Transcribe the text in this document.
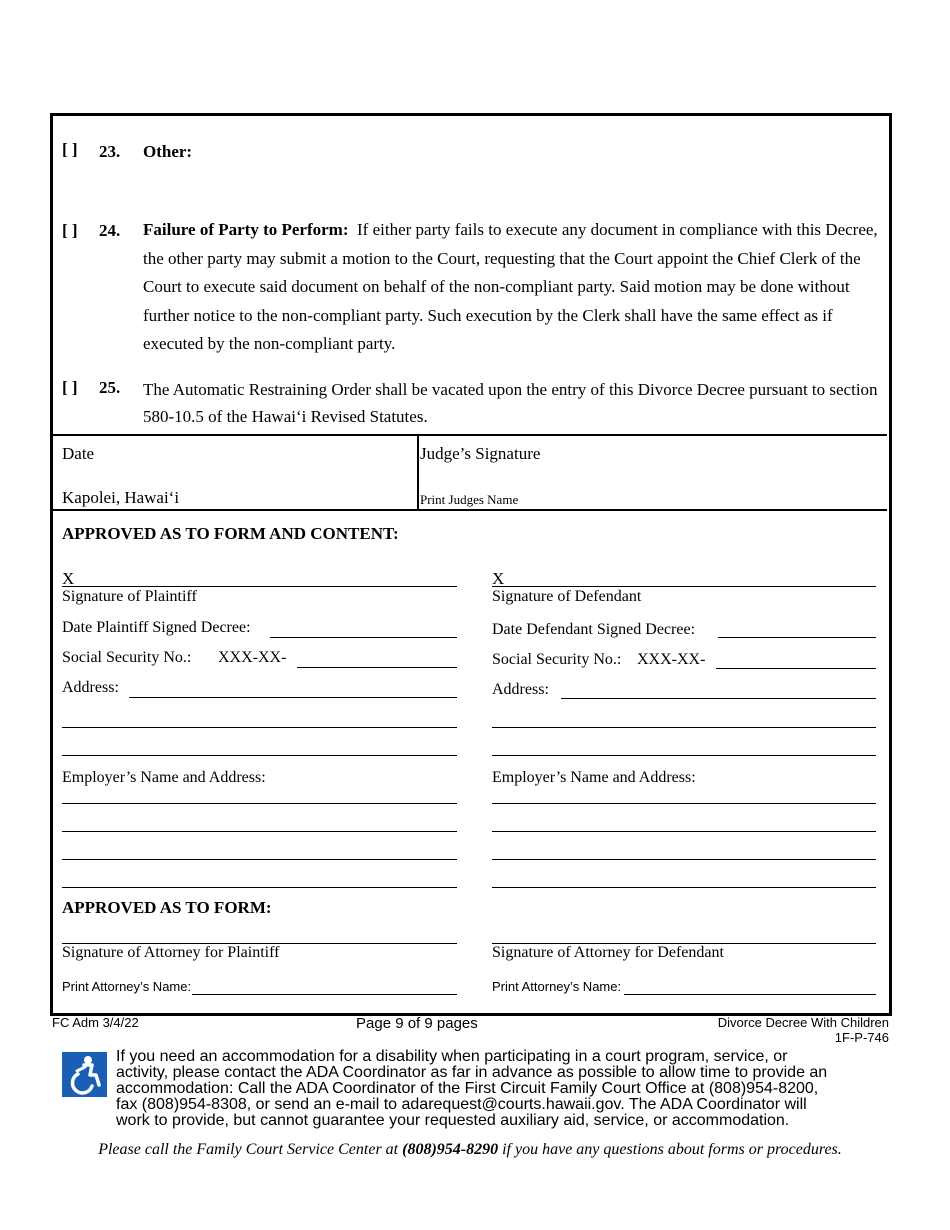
[ ] 23. Other:
[ ] 24. Failure of Party to Perform: If either party fails to execute any document in compliance with this Decree, the other party may submit a motion to the Court, requesting that the Court appoint the Chief Clerk of the Court to execute said document on behalf of the non-compliant party. Said motion may be done without further notice to the non-compliant party. Such execution by the Clerk shall have the same effect as if executed by the non-compliant party.
[ ] 25. The Automatic Restraining Order shall be vacated upon the entry of this Divorce Decree pursuant to section 580-10.5 of the Hawai‘i Revised Statutes.
Date
Kapolei, Hawai‘i
Judge’s Signature
Print Judges Name
APPROVED AS TO FORM AND CONTENT:
X
Signature of Plaintiff
Date Plaintiff Signed Decree:
Social Security No.: XXX-XX-
Address:
Employer’s Name and Address:
X
Signature of Defendant
Date Defendant Signed Decree:
Social Security No.: XXX-XX-
Address:
Employer’s Name and Address:
APPROVED AS TO FORM:
Signature of Attorney for Plaintiff
Print Attorney’s Name:
Signature of Attorney for Defendant
Print Attorney’s Name:
FC Adm 3/4/22	Page 9 of 9 pages	Divorce Decree With Children
1F-P-746
If you need an accommodation for a disability when participating in a court program, service, or
activity, please contact the ADA Coordinator as far in advance as possible to allow time to provide an
accommodation: Call the ADA Coordinator of the First Circuit Family Court Office at (808)954-8200,
fax (808)954-8308, or send an e-mail to adarequest@courts.hawaii.gov. The ADA Coordinator will
work to provide, but cannot guarantee your requested auxiliary aid, service, or accommodation.
Please call the Family Court Service Center at (808)954-8290 if you have any questions about forms or procedures.
